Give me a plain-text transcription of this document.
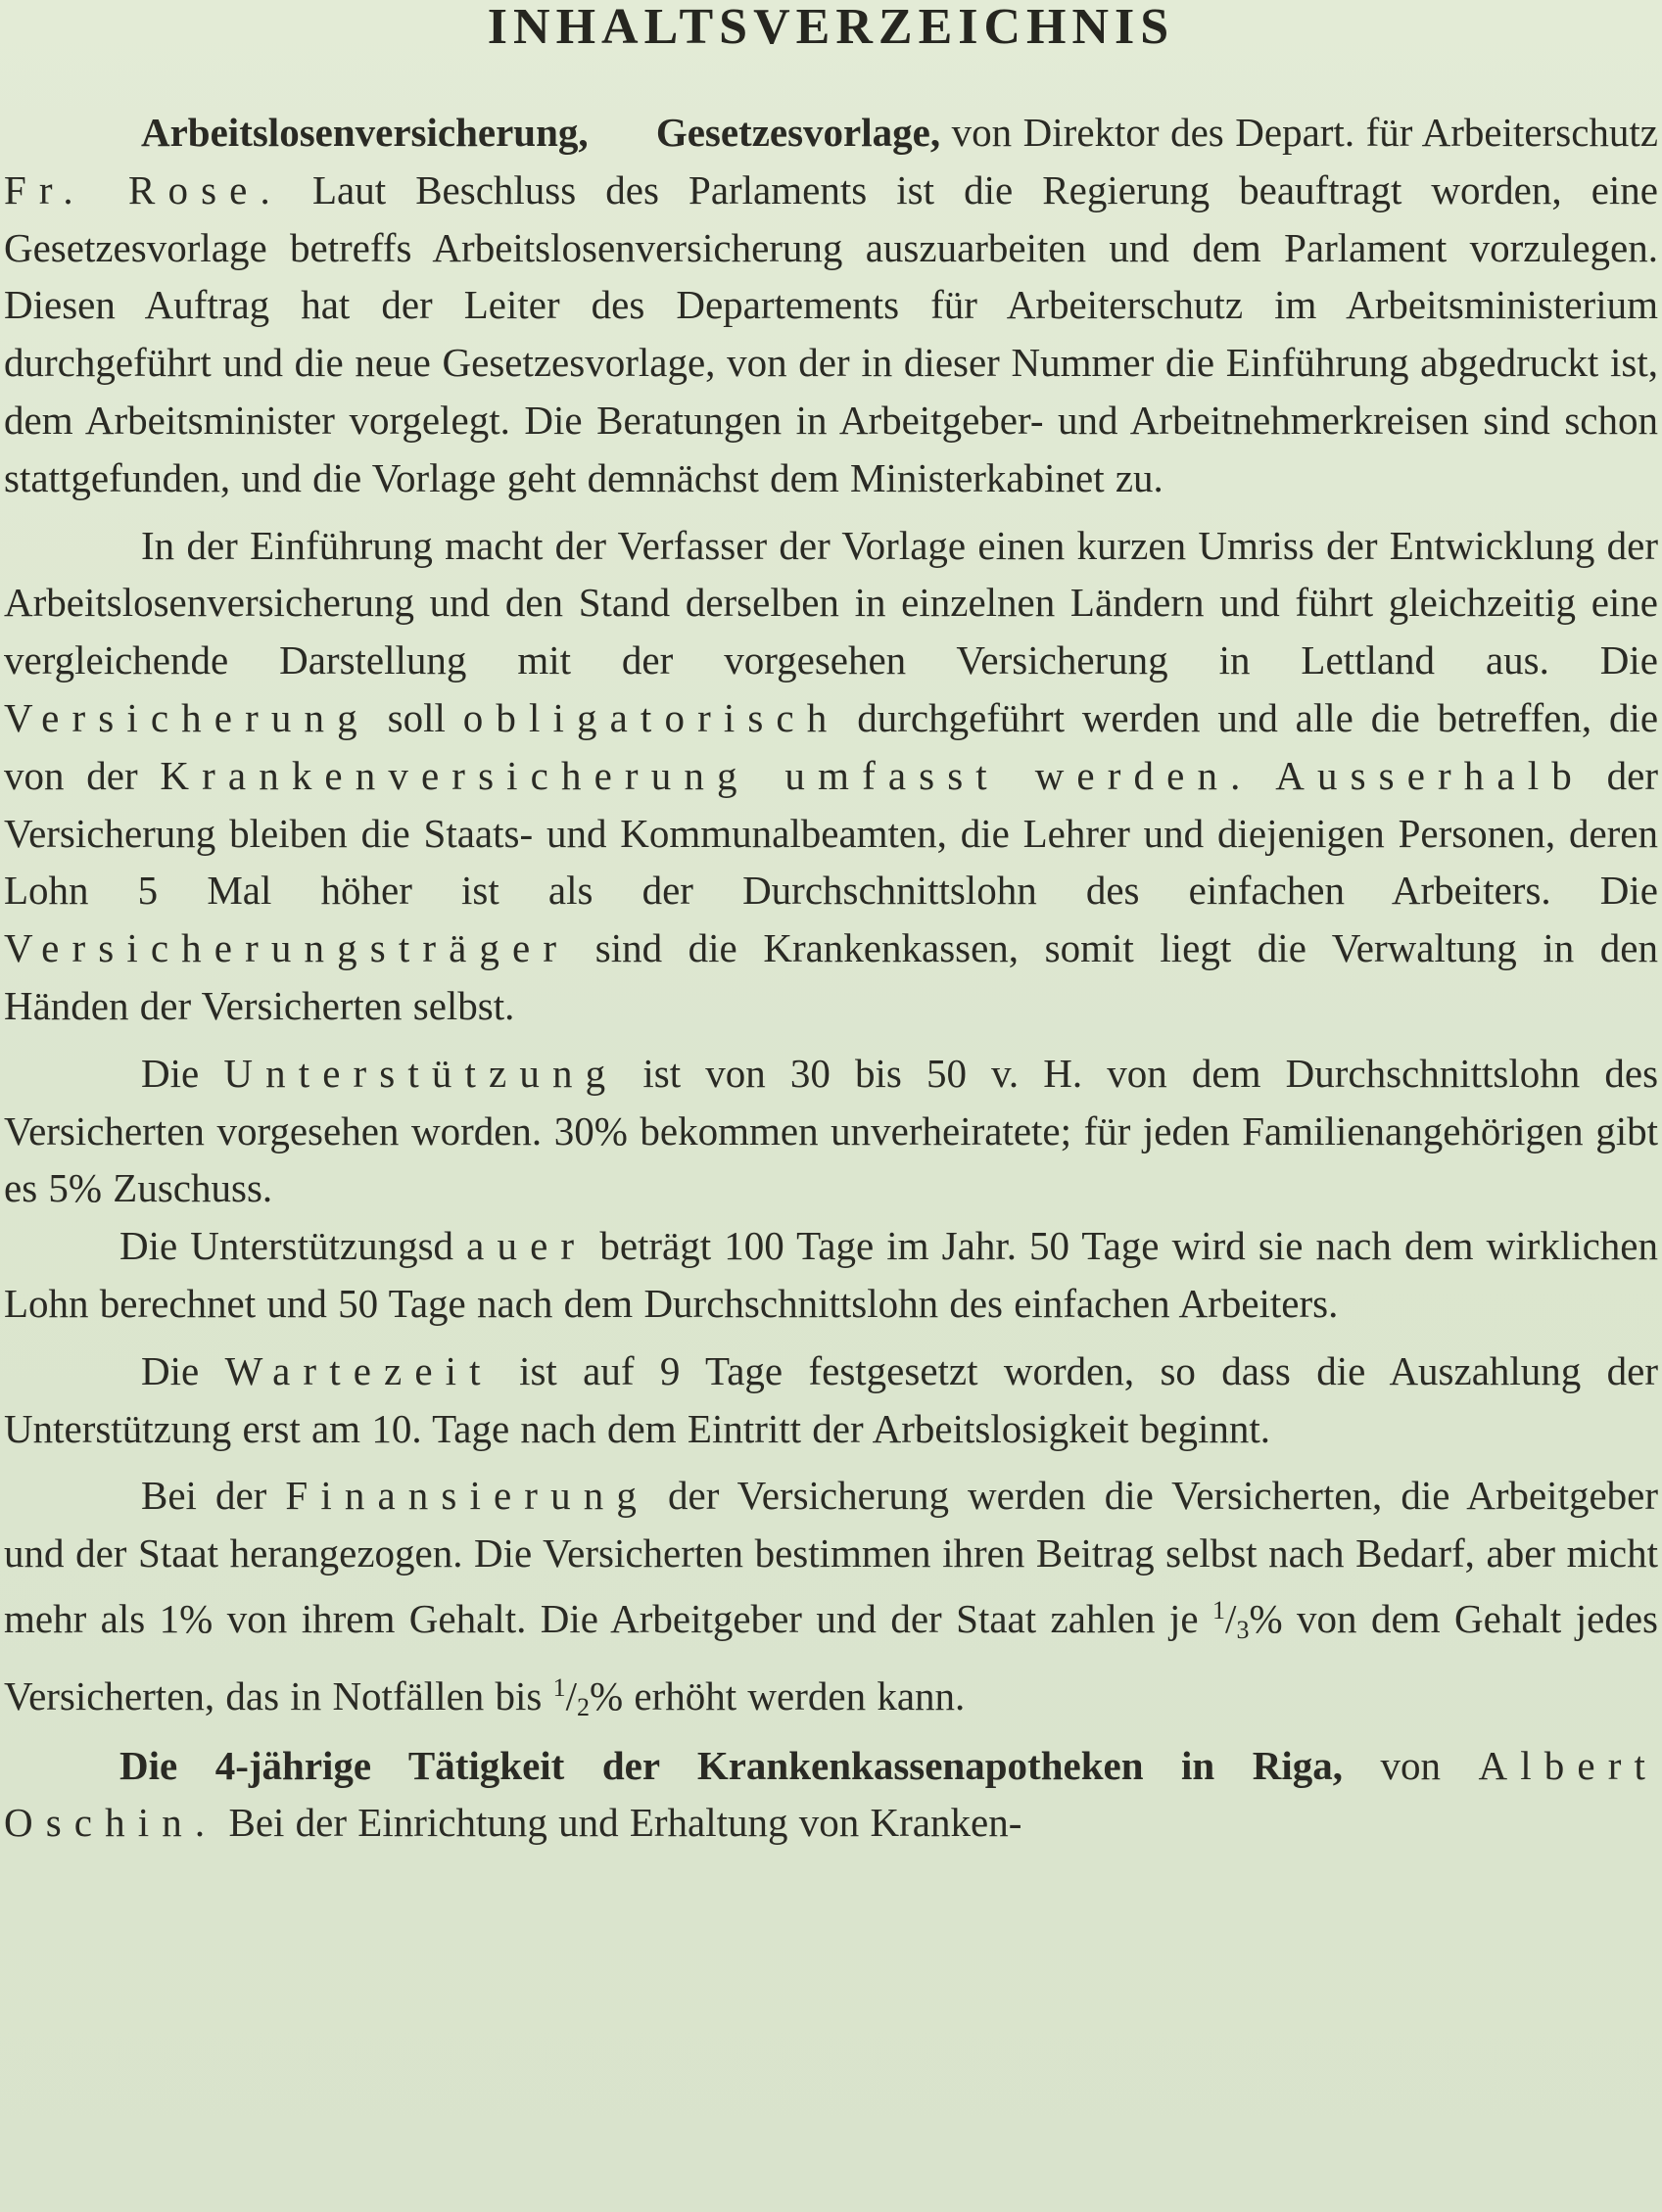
INHALTSVERZEICHNIS

Arbeitslosenversicherung, Gesetzesvorlage, von Direktor des Depart. für Arbeiterschutz Fr. Rose. Laut Beschluss des Parlaments ist die Regierung beauftragt worden, eine Gesetzesvorlage betreffs Arbeitslosenversicherung auszuarbeiten und dem Parlament vorzulegen. Diesen Auftrag hat der Leiter des Departements für Arbeiterschutz im Arbeitsministerium durchgeführt und die neue Gesetzesvorlage, von der in dieser Nummer die Einführung abgedruckt ist, dem Arbeitsminister vorgelegt. Die Beratungen in Arbeitgeber- und Arbeitnehmerkreisen sind schon stattgefunden, und die Vorlage geht demnächst dem Ministerkabinet zu.

In der Einführung macht der Verfasser der Vorlage einen kurzen Umriss der Entwicklung der Arbeitslosenversicherung und den Stand derselben in einzelnen Ländern und führt gleichzeitig eine vergleichende Darstellung mit der vorgesehen Versicherung in Lettland aus. Die Versicherung soll obligatorisch durchgeführt werden und alle die betreffen, die von der Krankenversicherung umfasst werden. Ausserhalb der Versicherung bleiben die Staats- und Kommunalbeamten, die Lehrer und diejenigen Personen, deren Lohn 5 Mal höher ist als der Durchschnittslohn des einfachen Arbeiters. Die Versicherungsträger sind die Krankenkassen, somit liegt die Verwaltung in den Händen der Versicherten selbst.

Die Unterstützung ist von 30 bis 50 v. H. von dem Durchschnittslohn des Versicherten vorgesehen worden. 30% bekommen unverheiratete; für jeden Familienangehörigen gibt es 5% Zuschuss.

Die Unterstützungsdauer beträgt 100 Tage im Jahr. 50 Tage wird sie nach dem wirklichen Lohn berechnet und 50 Tage nach dem Durchschnittslohn des einfachen Arbeiters.

Die Wartezeit ist auf 9 Tage festgesetzt worden, so dass die Auszahlung der Unterstützung erst am 10. Tage nach dem Eintritt der Arbeitslosigkeit beginnt.

Bei der Finansierung der Versicherung werden die Versicherten, die Arbeitgeber und der Staat herangezogen. Die Versicherten bestimmen ihren Beitrag selbst nach Bedarf, aber micht mehr als 1% von ihrem Gehalt. Die Arbeitgeber und der Staat zahlen je $^1/_3\%$ von dem Gehalt jedes Versicherten, das in Notfällen bis $^1/_2\%$ erhöht werden kann.

Die 4-jährige Tätigkeit der Krankenkassenapotheken in Riga, von Albert Oschin. Bei der Einrichtung und Erhaltung von Kranken-
